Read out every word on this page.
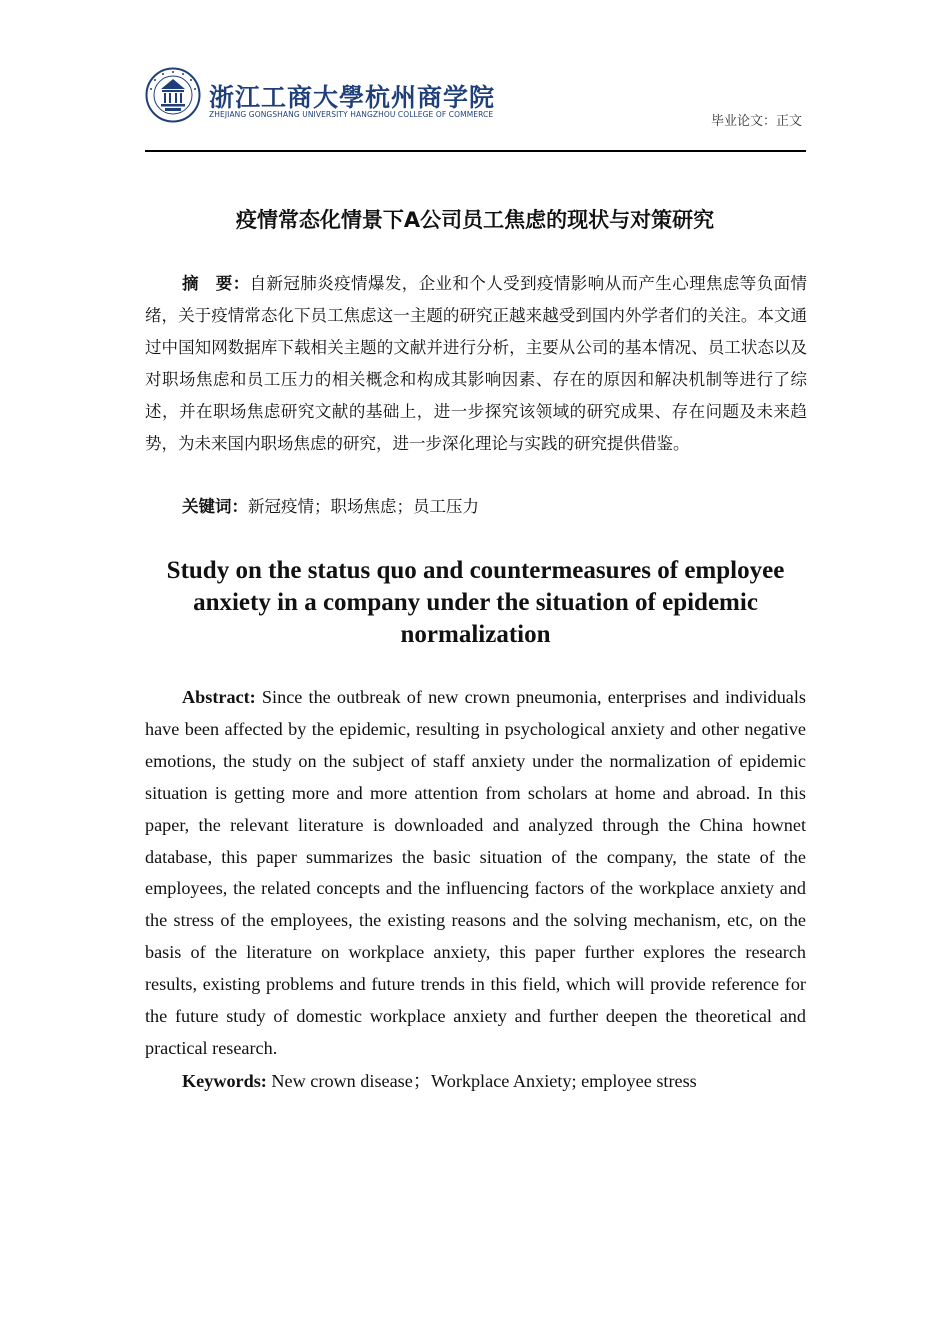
浙江工商大學杭州商学院
ZHEJIANG GONGSHANG UNIVERSITY HANGZHOU COLLEGE OF COMMERCE	毕业论文：正文
疫情常态化情景下A公司员工焦虑的现状与对策研究

摘　要：自新冠肺炎疫情爆发，企业和个人受到疫情影响从而产生心理焦虑等负面情绪，关于疫情常态化下员工焦虑这一主题的研究正越来越受到国内外学者们的关注。本文通过中国知网数据库下载相关主题的文献并进行分析，主要从公司的基本情况、员工状态以及对职场焦虑和员工压力的相关概念和构成其影响因素、存在的原因和解决机制等进行了综述，并在职场焦虑研究文献的基础上，进一步探究该领域的研究成果、存在问题及未来趋势，为未来国内职场焦虑的研究，进一步深化理论与实践的研究提供借鉴。

关键词：新冠疫情；职场焦虑；员工压力
Study on the status quo and countermeasures of employee anxiety in a company under the situation of epidemic normalization

Abstract: Since the outbreak of new crown pneumonia, enterprises and individuals have been affected by the epidemic, resulting in psychological anxiety and other negative emotions, the study on the subject of staff anxiety under the normalization of epidemic situation is getting more and more attention from scholars at home and abroad. In this paper, the relevant literature is downloaded and analyzed through the China hownet database, this paper summarizes the basic situation of the company, the state of the employees, the related concepts and the influencing factors of the workplace anxiety and the stress of the employees, the existing reasons and the solving mechanism, etc, on the basis of the literature on workplace anxiety, this paper further explores the research results, existing problems and future trends in this field, which will provide reference for the future study of domestic workplace anxiety and further deepen the theoretical and practical research.

Keywords: New crown disease；Workplace Anxiety; employee stress
